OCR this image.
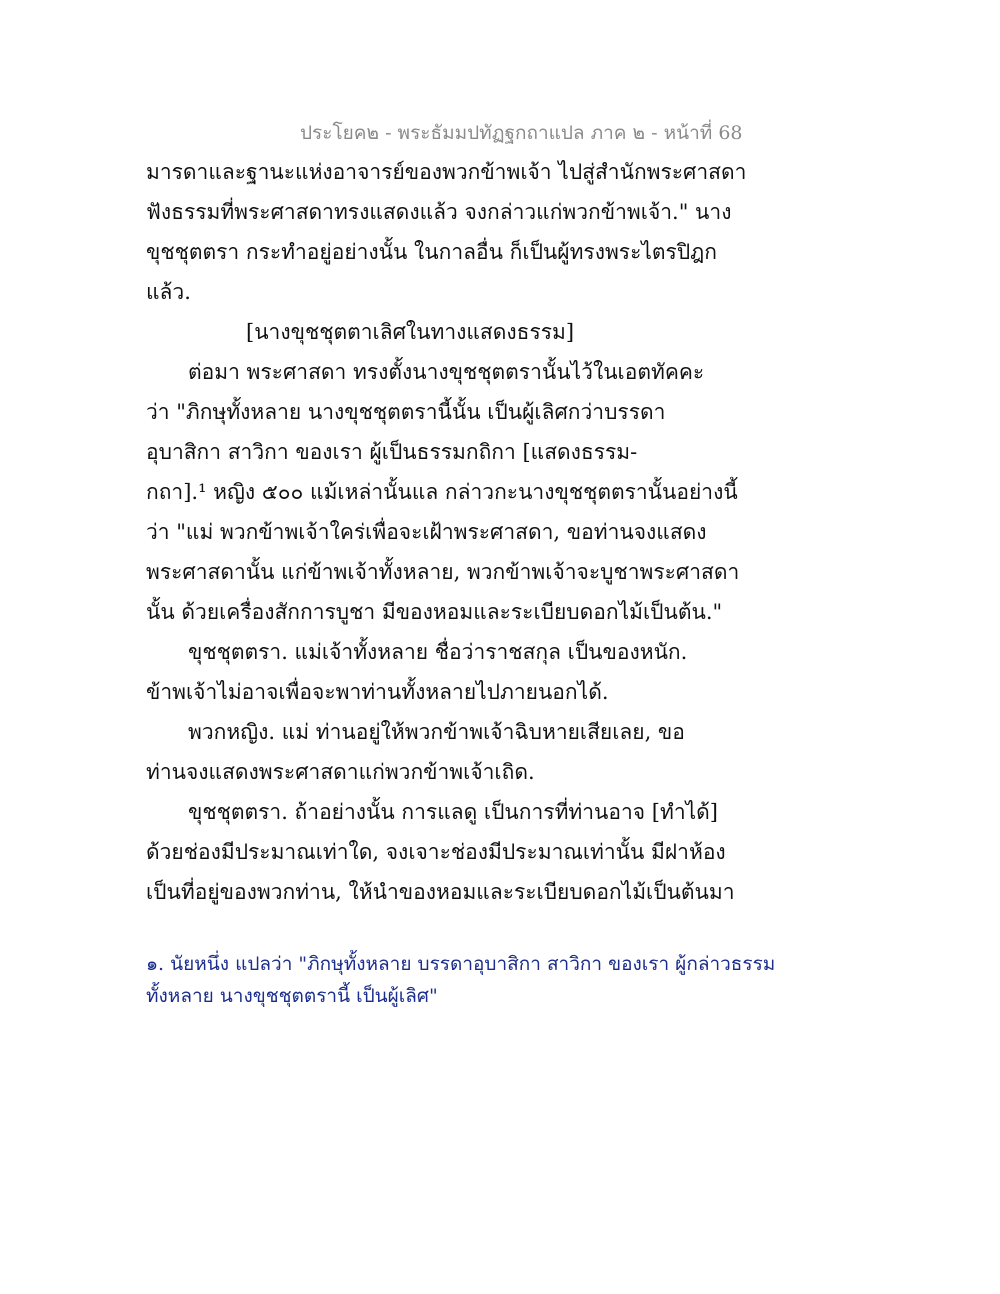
ประโยค๒ - พระธัมมปทัฏฐกถาแปล ภาค ๒ - หน้าที่ 68
มารดาและฐานะแห่งอาจารย์ของพวกข้าพเจ้า ไปสู่สำนักพระศาสดา
ฟังธรรมที่พระศาสดาทรงแสดงแล้ว จงกล่าวแก่พวกข้าพเจ้า." นาง
ขุชชุตตรา กระทำอยู่อย่างนั้น ในกาลอื่น ก็เป็นผู้ทรงพระไตรปิฎก
แล้ว.
[นางขุชชุตตาเลิศในทางแสดงธรรม]
ต่อมา พระศาสดา ทรงตั้งนางขุชชุตตรานั้นไว้ในเอตทัคคะ
ว่า "ภิกษุทั้งหลาย นางขุชชุตตรานี้นั้น เป็นผู้เลิศกว่าบรรดา
อุบาสิกา สาวิกา ของเรา ผู้เป็นธรรมกถิกา [แสดงธรรม-
กถา].¹ หญิง ๕๐๐ แม้เหล่านั้นแล กล่าวกะนางขุชชุตตรานั้นอย่างนี้
ว่า "แม่ พวกข้าพเจ้าใคร่เพื่อจะเฝ้าพระศาสดา, ขอท่านจงแสดง
พระศาสดานั้น แก่ข้าพเจ้าทั้งหลาย, พวกข้าพเจ้าจะบูชาพระศาสดา
นั้น ด้วยเครื่องสักการบูชา มีของหอมและระเบียบดอกไม้เป็นต้น."
ขุชชุตตรา. แม่เจ้าทั้งหลาย ชื่อว่าราชสกุล เป็นของหนัก.
ข้าพเจ้าไม่อาจเพื่อจะพาท่านทั้งหลายไปภายนอกได้.
พวกหญิง. แม่ ท่านอยู่ให้พวกข้าพเจ้าฉิบหายเสียเลย, ขอ
ท่านจงแสดงพระศาสดาแก่พวกข้าพเจ้าเถิด.
ขุชชุตตรา. ถ้าอย่างนั้น การแลดู เป็นการที่ท่านอาจ [ทำได้]
ด้วยช่องมีประมาณเท่าใด, จงเจาะช่องมีประมาณเท่านั้น มีฝาห้อง
เป็นที่อยู่ของพวกท่าน, ให้นำของหอมและระเบียบดอกไม้เป็นต้นมา
๑. นัยหนึ่ง แปลว่า "ภิกษุทั้งหลาย บรรดาอุบาสิกา สาวิกา ของเรา ผู้กล่าวธรรม
ทั้งหลาย นางขุชชุตตรานี้ เป็นผู้เลิศ"
